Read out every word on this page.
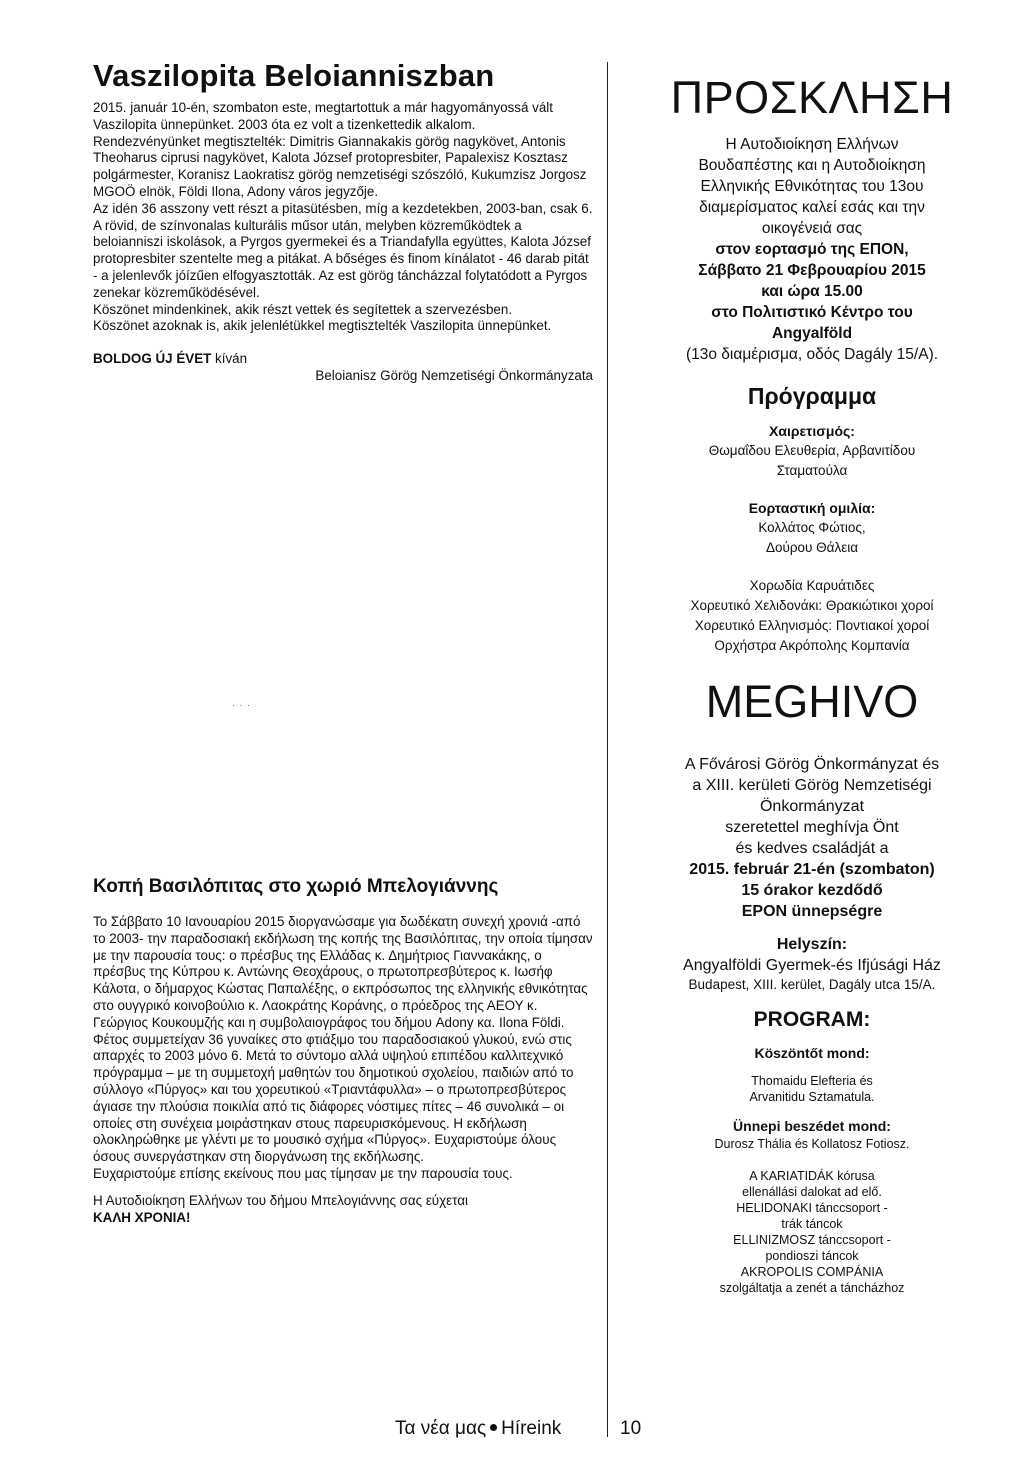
Vaszilopita Beloianniszban

2015. január 10-én, szombaton este, megtartottuk a már hagyományossá vált Vaszilopita ünnepünket. 2003 óta ez volt a tizenkettedik alkalom.

Rendezvényünket megtisztelték: Dimitris Giannakakis görög nagykövet, Antonis Theoharus ciprusi nagykövet, Kalota József protopresbiter, Papalexisz Kosztasz polgármester, Koranisz Laokratisz görög nemzetiségi szószóló, Kukumzisz Jorgosz MGOÖ elnök, Földi Ilona, Adony város jegyzője.

Az idén 36 asszony vett részt a pitasütésben, míg a kezdetekben, 2003-ban, csak 6. A rövid, de színvonalas kulturális műsor után, melyben közreműködtek a beloianniszi iskolások, a Pyrgos gyermekei és a Triandafylla együttes, Kalota József protopresbiter szentelte meg a pitákat. A bőséges és finom kínálatot - 46 darab pitát - a jelenlevők jóízűen elfogyasztották. Az est görög táncházzal folytatódott a Pyrgos zenekar közreműködésével.

Köszönet mindenkinek, akik részt vettek és segítettek a szervezésben.

Köszönet azoknak is, akik jelenlétükkel megtisztelték Vaszilopita ünnepünket.

BOLDOG ÚJ ÉVET kíván
Beloianisz Görög Nemzetiségi Önkormányzata
· · ·
Κοπή Βασιλόπιτας στο χωριό Μπελογιάννης

Το Σάββατο 10 Ιανουαρίου 2015 διοργανώσαμε για δωδέκατη συνεχή χρονιά -από το 2003- την παραδοσιακή εκδήλωση της κοπής της Βασιλόπιτας, την οποία τίμησαν με την παρουσία τους: ο πρέσβυς της Ελλάδας κ. Δημήτριος Γιαννακάκης, ο πρέσβυς της Κύπρου κ. Αντώνης Θεοχάρους, ο πρωτοπρεσβύτερος κ. Ιωσήφ Κάλοτα, ο δήμαρχος Κώστας Παπαλέξης, ο εκπρόσωπος της ελληνικής εθνικότητας στο ουγγρικό κοινοβούλιο κ. Λαοκράτης Κοράνης, ο πρόεδρος της ΑΕΟΥ κ. Γεώργιος Κουκουμζής και η συμβολαιογράφος του δήμου Adony κα. Ilona Földi.

Φέτος συμμετείχαν 36 γυναίκες στο φτιάξιμο του παραδοσιακού γλυκού, ενώ στις απαρχές το 2003 μόνο 6. Μετά το σύντομο αλλά υψηλού επιπέδου καλλιτεχνικό πρόγραμμα – με τη συμμετοχή μαθητών του δημοτικού σχολείου, παιδιών από το σύλλογο «Πύργος» και του χορευτικού «Τριαντάφυλλα» – ο πρωτοπρεσβύτερος άγιασε την πλούσια ποικιλία από τις διάφορες νόστιμες πίτες – 46 συνολικά – οι οποίες στη συνέχεια μοιράστηκαν στους παρευρισκόμενους. Η εκδήλωση ολοκληρώθηκε με γλέντι με το μουσικό σχήμα «Πύργος». Ευχαριστούμε όλους όσους συνεργάστηκαν στη διοργάνωση της εκδήλωσης.

Ευχαριστούμε επίσης εκείνους που μας τίμησαν με την παρουσία τους.

Η Αυτοδιοίκηση Ελλήνων του δήμου Μπελογιάννης σας εύχεται

ΚΑΛΗ ΧΡΟΝΙΑ!

ΠΡΟΣΚΛΗΣΗ

Η Αυτοδιοίκηση Ελλήνων

Βουδαπέστης και η Αυτοδιοίκηση

Ελληνικής Εθνικότητας του 13ου

διαμερίσματος καλεί εσάς και την

οικογένειά σας

στον εορτασμό της ΕΠΟΝ,

Σάββατο 21 Φεβρουαρίου 2015

και ώρα 15.00

στο Πολιτιστικό Κέντρο του

Angyalföld

(13ο διαμέρισμα, οδός Dagály 15/A).

Πρόγραμμα

Χαιρετισμός:

Θωμαΐδου Ελευθερία, Αρβανιτίδου

Σταματούλα

Εορταστική ομιλία:

Κολλάτος Φώτιος,

Δούρου Θάλεια

Χορωδία Καρυάτιδες

Χορευτικό Χελιδονάκι: Θρακιώτικοι χοροί

Χορευτικό Ελληνισμός: Ποντιακοί χοροί

Ορχήστρα Ακρόπολης Κομπανία

MEGHIVO

A Fővárosi Görög Önkormányzat és

a XIII. kerületi Görög Nemzetiségi

Önkormányzat

szeretettel meghívja Önt

és kedves családját a

2015. február 21-én (szombaton)

15 órakor kezdődő

EPON ünnepségre

Helyszín:

Angyalföldi Gyermek-és Ifjúsági Ház

Budapest, XIII. kerület, Dagály utca 15/A.

PROGRAM:

Köszöntőt mond:

Thomaidu Elefteria és

Arvanitidu Sztamatula.

Ünnepi beszédet mond:

Durosz Thália és Kollatosz Fotiosz.

A KARIATIDÁK kórusa

ellenállási dalokat ad elő.

HELIDONAKI tánccsoport -

trák táncok

ELLINIZMOSZ tánccsoport -

pondioszi táncok

AKROPOLIS COMPÁNIA

szolgáltatja a zenét a táncházhoz

Τα νέα μας Híreink	10
